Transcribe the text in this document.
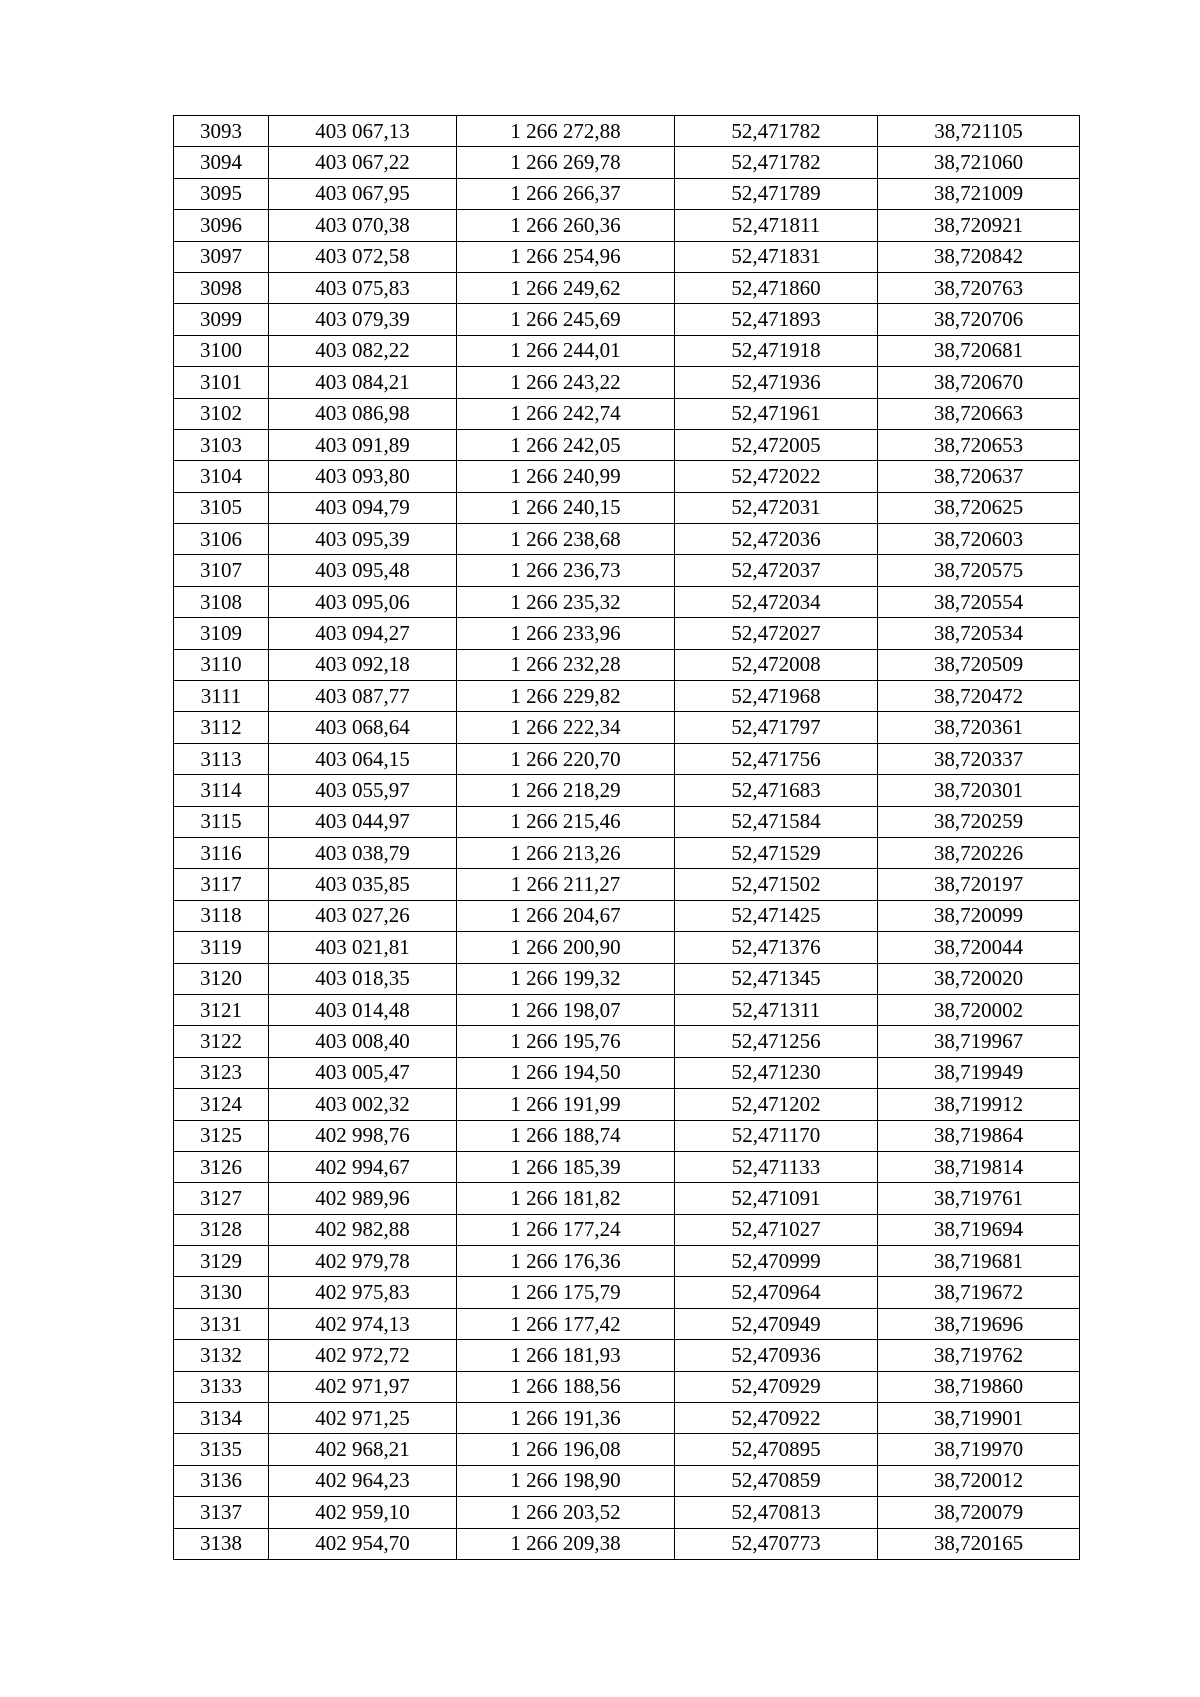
3093	403 067,13	1 266 272,88	52,471782	38,721105
3094	403 067,22	1 266 269,78	52,471782	38,721060
3095	403 067,95	1 266 266,37	52,471789	38,721009
3096	403 070,38	1 266 260,36	52,471811	38,720921
3097	403 072,58	1 266 254,96	52,471831	38,720842
3098	403 075,83	1 266 249,62	52,471860	38,720763
3099	403 079,39	1 266 245,69	52,471893	38,720706
3100	403 082,22	1 266 244,01	52,471918	38,720681
3101	403 084,21	1 266 243,22	52,471936	38,720670
3102	403 086,98	1 266 242,74	52,471961	38,720663
3103	403 091,89	1 266 242,05	52,472005	38,720653
3104	403 093,80	1 266 240,99	52,472022	38,720637
3105	403 094,79	1 266 240,15	52,472031	38,720625
3106	403 095,39	1 266 238,68	52,472036	38,720603
3107	403 095,48	1 266 236,73	52,472037	38,720575
3108	403 095,06	1 266 235,32	52,472034	38,720554
3109	403 094,27	1 266 233,96	52,472027	38,720534
3110	403 092,18	1 266 232,28	52,472008	38,720509
3111	403 087,77	1 266 229,82	52,471968	38,720472
3112	403 068,64	1 266 222,34	52,471797	38,720361
3113	403 064,15	1 266 220,70	52,471756	38,720337
3114	403 055,97	1 266 218,29	52,471683	38,720301
3115	403 044,97	1 266 215,46	52,471584	38,720259
3116	403 038,79	1 266 213,26	52,471529	38,720226
3117	403 035,85	1 266 211,27	52,471502	38,720197
3118	403 027,26	1 266 204,67	52,471425	38,720099
3119	403 021,81	1 266 200,90	52,471376	38,720044
3120	403 018,35	1 266 199,32	52,471345	38,720020
3121	403 014,48	1 266 198,07	52,471311	38,720002
3122	403 008,40	1 266 195,76	52,471256	38,719967
3123	403 005,47	1 266 194,50	52,471230	38,719949
3124	403 002,32	1 266 191,99	52,471202	38,719912
3125	402 998,76	1 266 188,74	52,471170	38,719864
3126	402 994,67	1 266 185,39	52,471133	38,719814
3127	402 989,96	1 266 181,82	52,471091	38,719761
3128	402 982,88	1 266 177,24	52,471027	38,719694
3129	402 979,78	1 266 176,36	52,470999	38,719681
3130	402 975,83	1 266 175,79	52,470964	38,719672
3131	402 974,13	1 266 177,42	52,470949	38,719696
3132	402 972,72	1 266 181,93	52,470936	38,719762
3133	402 971,97	1 266 188,56	52,470929	38,719860
3134	402 971,25	1 266 191,36	52,470922	38,719901
3135	402 968,21	1 266 196,08	52,470895	38,719970
3136	402 964,23	1 266 198,90	52,470859	38,720012
3137	402 959,10	1 266 203,52	52,470813	38,720079
3138	402 954,70	1 266 209,38	52,470773	38,720165
